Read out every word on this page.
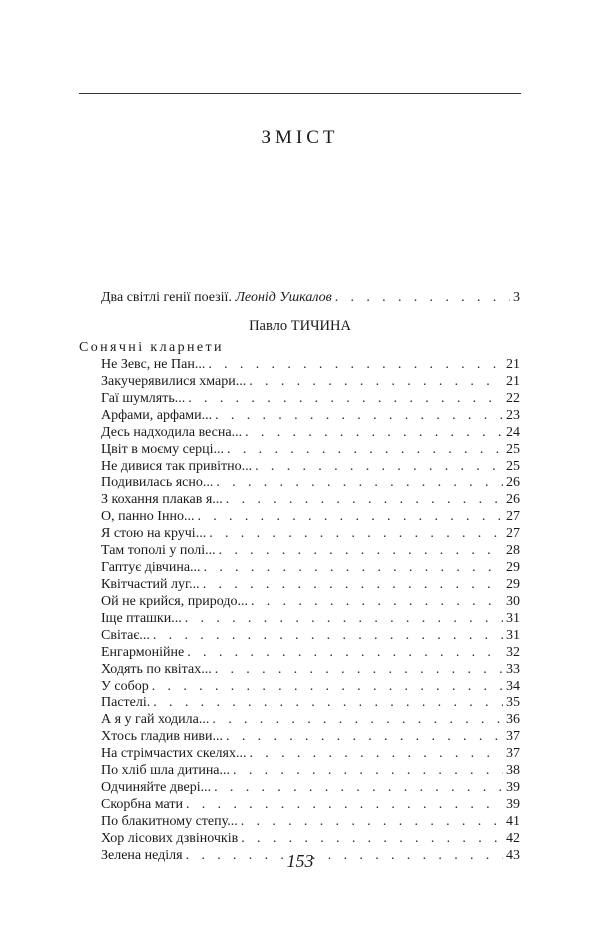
ЗМІСТ
Два світлі генії поезії. Леонід Ушкалов . . .	3
Павло ТИЧИНА
Сонячні кларнети
Не Зевс, не Пан... . . .	21
Закучерявилися хмари... . . .	21
Гаї шумлять... . . .	22
Арфами, арфами... . . .	23
Десь надходила весна... . . .	24
Цвіт в моєму серці... . . .	25
Не дивися так привітно... . . .	25
Подивилась ясно... . . .	26
З кохання плакав я... . . .	26
О, панно Інно... . . .	27
Я стою на кручі... . . .	27
Там тополі у полі... . . .	28
Гаптує дівчина... . . .	29
Квітчастий луг... . . .	29
Ой не крийся, природо... . . .	30
Іще пташки... . . .	31
Світає... . . .	31
Енгармонійне . . .	32
Ходять по квітах... . . .	33
У собор . . .	34
Пастелі. . . .	35
А я у гай ходила... . . .	36
Хтось гладив ниви... . . .	37
На стрімчастих скелях... . . .	37
По хліб шла дитина... . . .	38
Одчиняйте двері... . . .	39
Скорбна мати . . .	39
По блакитному степу... . . .	41
Хор лісових дзвіночків . . .	42
Зелена неділя . . .	43
153
